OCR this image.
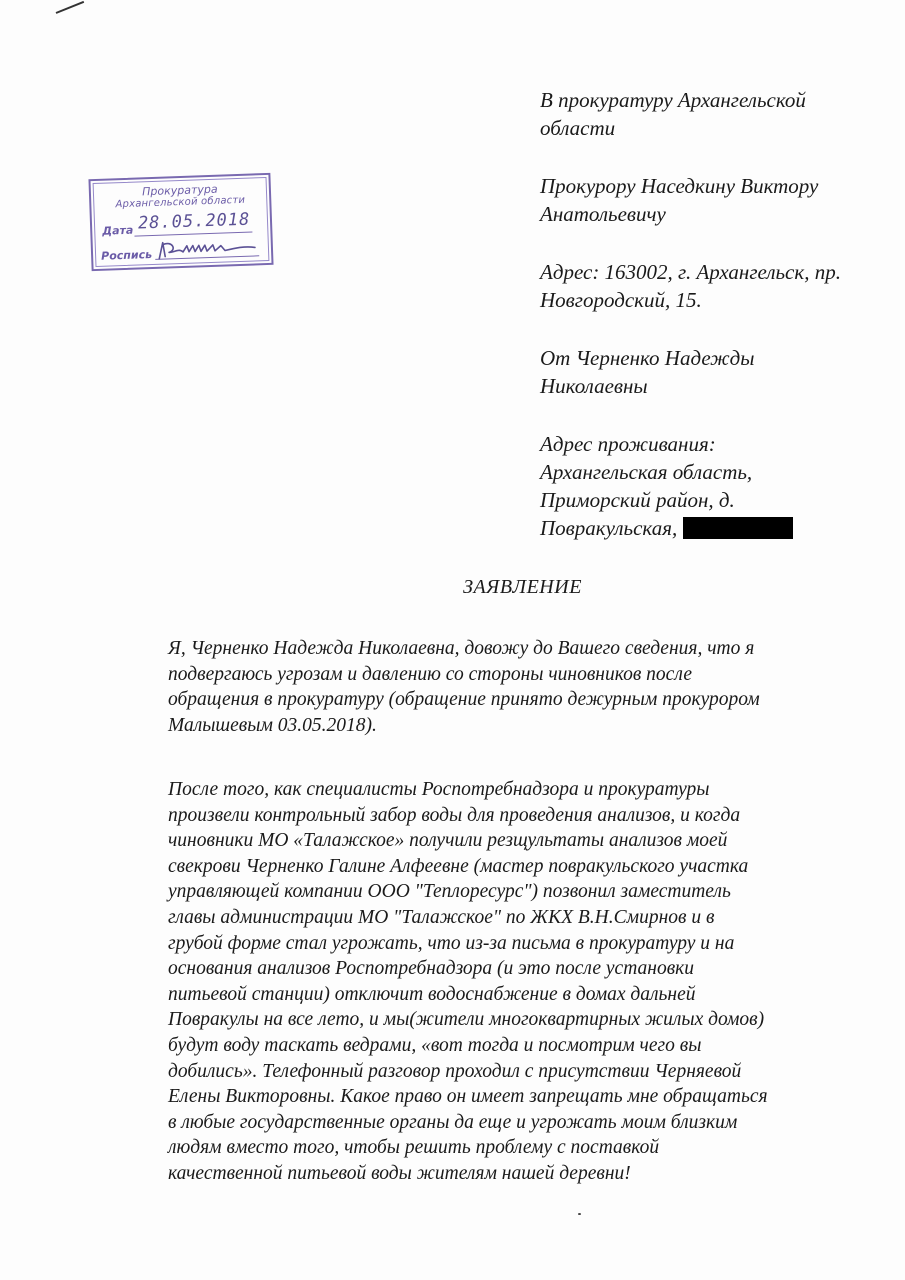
Прокуратура
Архангельской области
Дата 28.05.2018
Роспись
В прокуратуру Архангельской
области
Прокурору Наседкину Виктору
Анатольевичу
Адрес: 163002, г. Архангельск, пр.
Новгородский, 15.
От Черненко Надежды
Николаевны
Адрес проживания:
Архангельская область,
Приморский район, д.
Повракульская,
ЗАЯВЛЕНИЕ
Я, Черненко Надежда Николаевна, довожу до Вашего сведения, что я
подвергаюсь угрозам и давлению со стороны чиновников после
обращения в прокуратуру (обращение принято дежурным прокурором
Малышевым 03.05.2018).
После того, как специалисты Роспотребнадзора и прокуратуры
произвели контрольный забор воды для проведения анализов, и когда
чиновники МО «Талажское» получили резщультаты анализов моей
свекрови Черненко Галине Алфеевне (мастер повракульского участка
управляющей компании ООО "Теплоресурс") позвонил заместитель
главы администрации МО "Талажское" по ЖКХ В.Н.Смирнов и в
грубой форме стал угрожать, что из-за письма в прокуратуру и на
основания анализов Роспотребнадзора (и это после установки
питьевой станции) отключит водоснабжение в домах дальней
Повракулы на все лето, и мы(жители многоквартирных жилых домов)
будут воду таскать ведрами, «вот тогда и посмотрим чего вы
добились». Телефонный разговор проходил с присутствии Черняевой
Елены Викторовны. Какое право он имеет запрещать мне обращаться
в любые государственные органы да еще и угрожать моим близким
людям вместо того, чтобы решить проблему с поставкой
качественной питьевой воды жителям нашей деревни!
